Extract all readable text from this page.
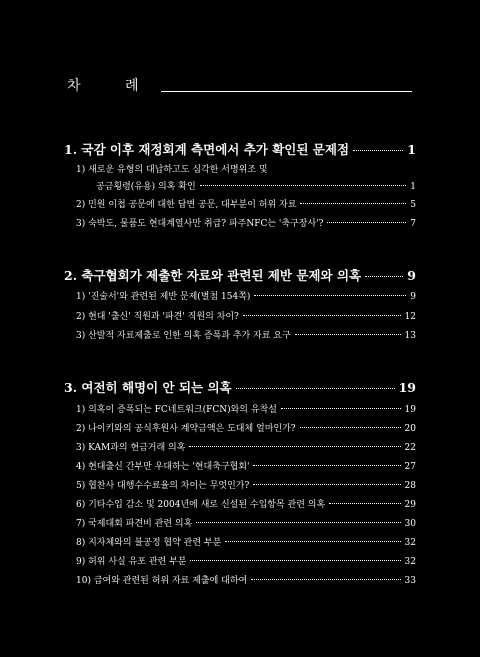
차 례
1. 국감 이후 재정회계 측면에서 추가 확인된 문제점	1
1) 새로운 유형의 대납하고도 심각한 서명위조 및
공금횡령(유용) 의혹 확인	1
2) 민원 이첩 공문에 대한 답변 공문, 대부분이 허위 자료	5
3) 숙박도, 물품도 현대계열사만 취급? 파주NFC는 '축구장사'?	7
2. 축구협회가 제출한 자료와 관련된 제반 문제와 의혹	9
1) '진술서'와 관련된 제반 문제(별첨 154쪽)	9
2) 현대 '출신' 직원과 '파견' 직원의 차이?	12
3) 산발적 자료제출로 인한 의혹 증폭과 추가 자료 요구	13
3. 여전히 해명이 안 되는 의혹	19
1) 의혹이 증폭되는 FC네트워크(FCN)와의 유착설	19
2) 나이키와의 공식후원사 계약금액은 도대체 얼마인가?	20
3) KAM과의 현금거래 의혹	22
4) 현대출신 간부만 우대하는 '현대축구협회'	27
5) 협찬사 대행수수료율의 차이는 무엇인가?	28
6) 기타수입 감소 및 2004년에 새로 신설된 수입항목 관련 의혹	29
7) 국제대회 파견비 관련 의혹	30
8) 지자체와의 불공정 협약 관련 부분	32
9) 허위 사실 유포 관련 부분	32
10) 급여와 관련된 허위 자료 제출에 대하여	33
